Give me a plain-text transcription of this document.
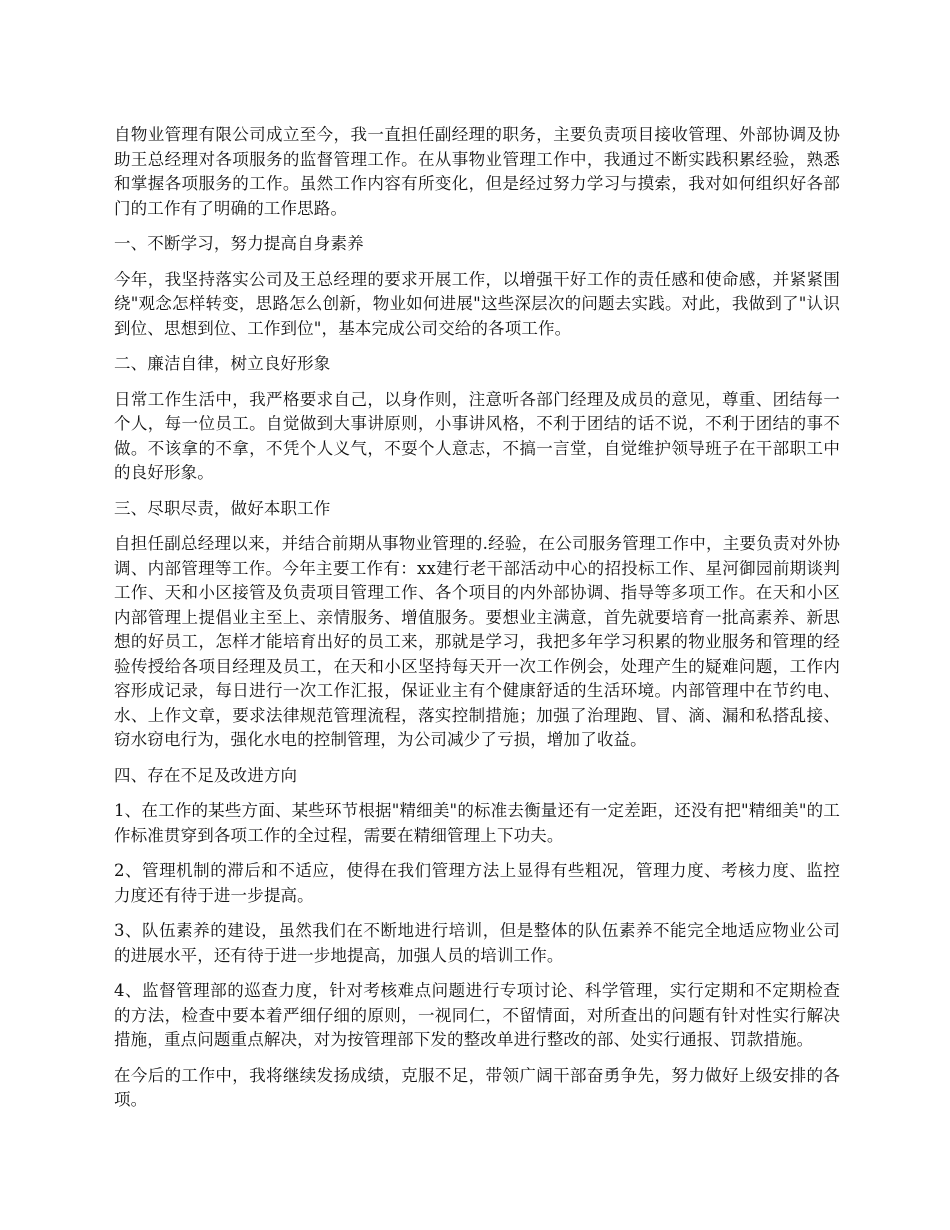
自物业管理有限公司成立至今，我一直担任副经理的职务，主要负责项目接收管理、外部协调及协助王总经理对各项服务的监督管理工作。在从事物业管理工作中，我通过不断实践积累经验，熟悉和掌握各项服务的工作。虽然工作内容有所变化，但是经过努力学习与摸索，我对如何组织好各部门的工作有了明确的工作思路。

一、不断学习，努力提高自身素养

今年，我坚持落实公司及王总经理的要求开展工作，以增强干好工作的责任感和使命感，并紧紧围绕"观念怎样转变，思路怎么创新，物业如何进展"这些深层次的问题去实践。对此，我做到了"认识到位、思想到位、工作到位"，基本完成公司交给的各项工作。

二、廉洁自律，树立良好形象

日常工作生活中，我严格要求自己，以身作则，注意听各部门经理及成员的意见，尊重、团结每一个人，每一位员工。自觉做到大事讲原则，小事讲风格，不利于团结的话不说，不利于团结的事不做。不该拿的不拿，不凭个人义气，不耍个人意志，不搞一言堂，自觉维护领导班子在干部职工中的良好形象。

三、尽职尽责，做好本职工作

自担任副总经理以来，并结合前期从事物业管理的.经验，在公司服务管理工作中，主要负责对外协调、内部管理等工作。今年主要工作有：xx建行老干部活动中心的招投标工作、星河御园前期谈判工作、天和小区接管及负责项目管理工作、各个项目的内外部协调、指导等多项工作。在天和小区内部管理上提倡业主至上、亲情服务、增值服务。要想业主满意，首先就要培育一批高素养、新思想的好员工，怎样才能培育出好的员工来，那就是学习，我把多年学习积累的物业服务和管理的经验传授给各项目经理及员工，在天和小区坚持每天开一次工作例会，处理产生的疑难问题，工作内容形成记录，每日进行一次工作汇报，保证业主有个健康舒适的生活环境。内部管理中在节约电、水、上作文章，要求法律规范管理流程，落实控制措施；加强了治理跑、冒、滴、漏和私搭乱接、窃水窃电行为，强化水电的控制管理，为公司减少了亏损，增加了收益。

四、存在不足及改进方向

1、在工作的某些方面、某些环节根据"精细美"的标准去衡量还有一定差距，还没有把"精细美"的工作标准贯穿到各项工作的全过程，需要在精细管理上下功夫。

2、管理机制的滞后和不适应，使得在我们管理方法上显得有些粗况，管理力度、考核力度、监控力度还有待于进一步提高。

3、队伍素养的建设，虽然我们在不断地进行培训，但是整体的队伍素养不能完全地适应物业公司的进展水平，还有待于进一步地提高，加强人员的培训工作。

4、监督管理部的巡查力度，针对考核难点问题进行专项讨论、科学管理，实行定期和不定期检查的方法，检查中要本着严细仔细的原则，一视同仁，不留情面，对所查出的问题有针对性实行解决措施，重点问题重点解决，对为按管理部下发的整改单进行整改的部、处实行通报、罚款措施。

在今后的工作中，我将继续发扬成绩，克服不足，带领广阔干部奋勇争先，努力做好上级安排的各项。
